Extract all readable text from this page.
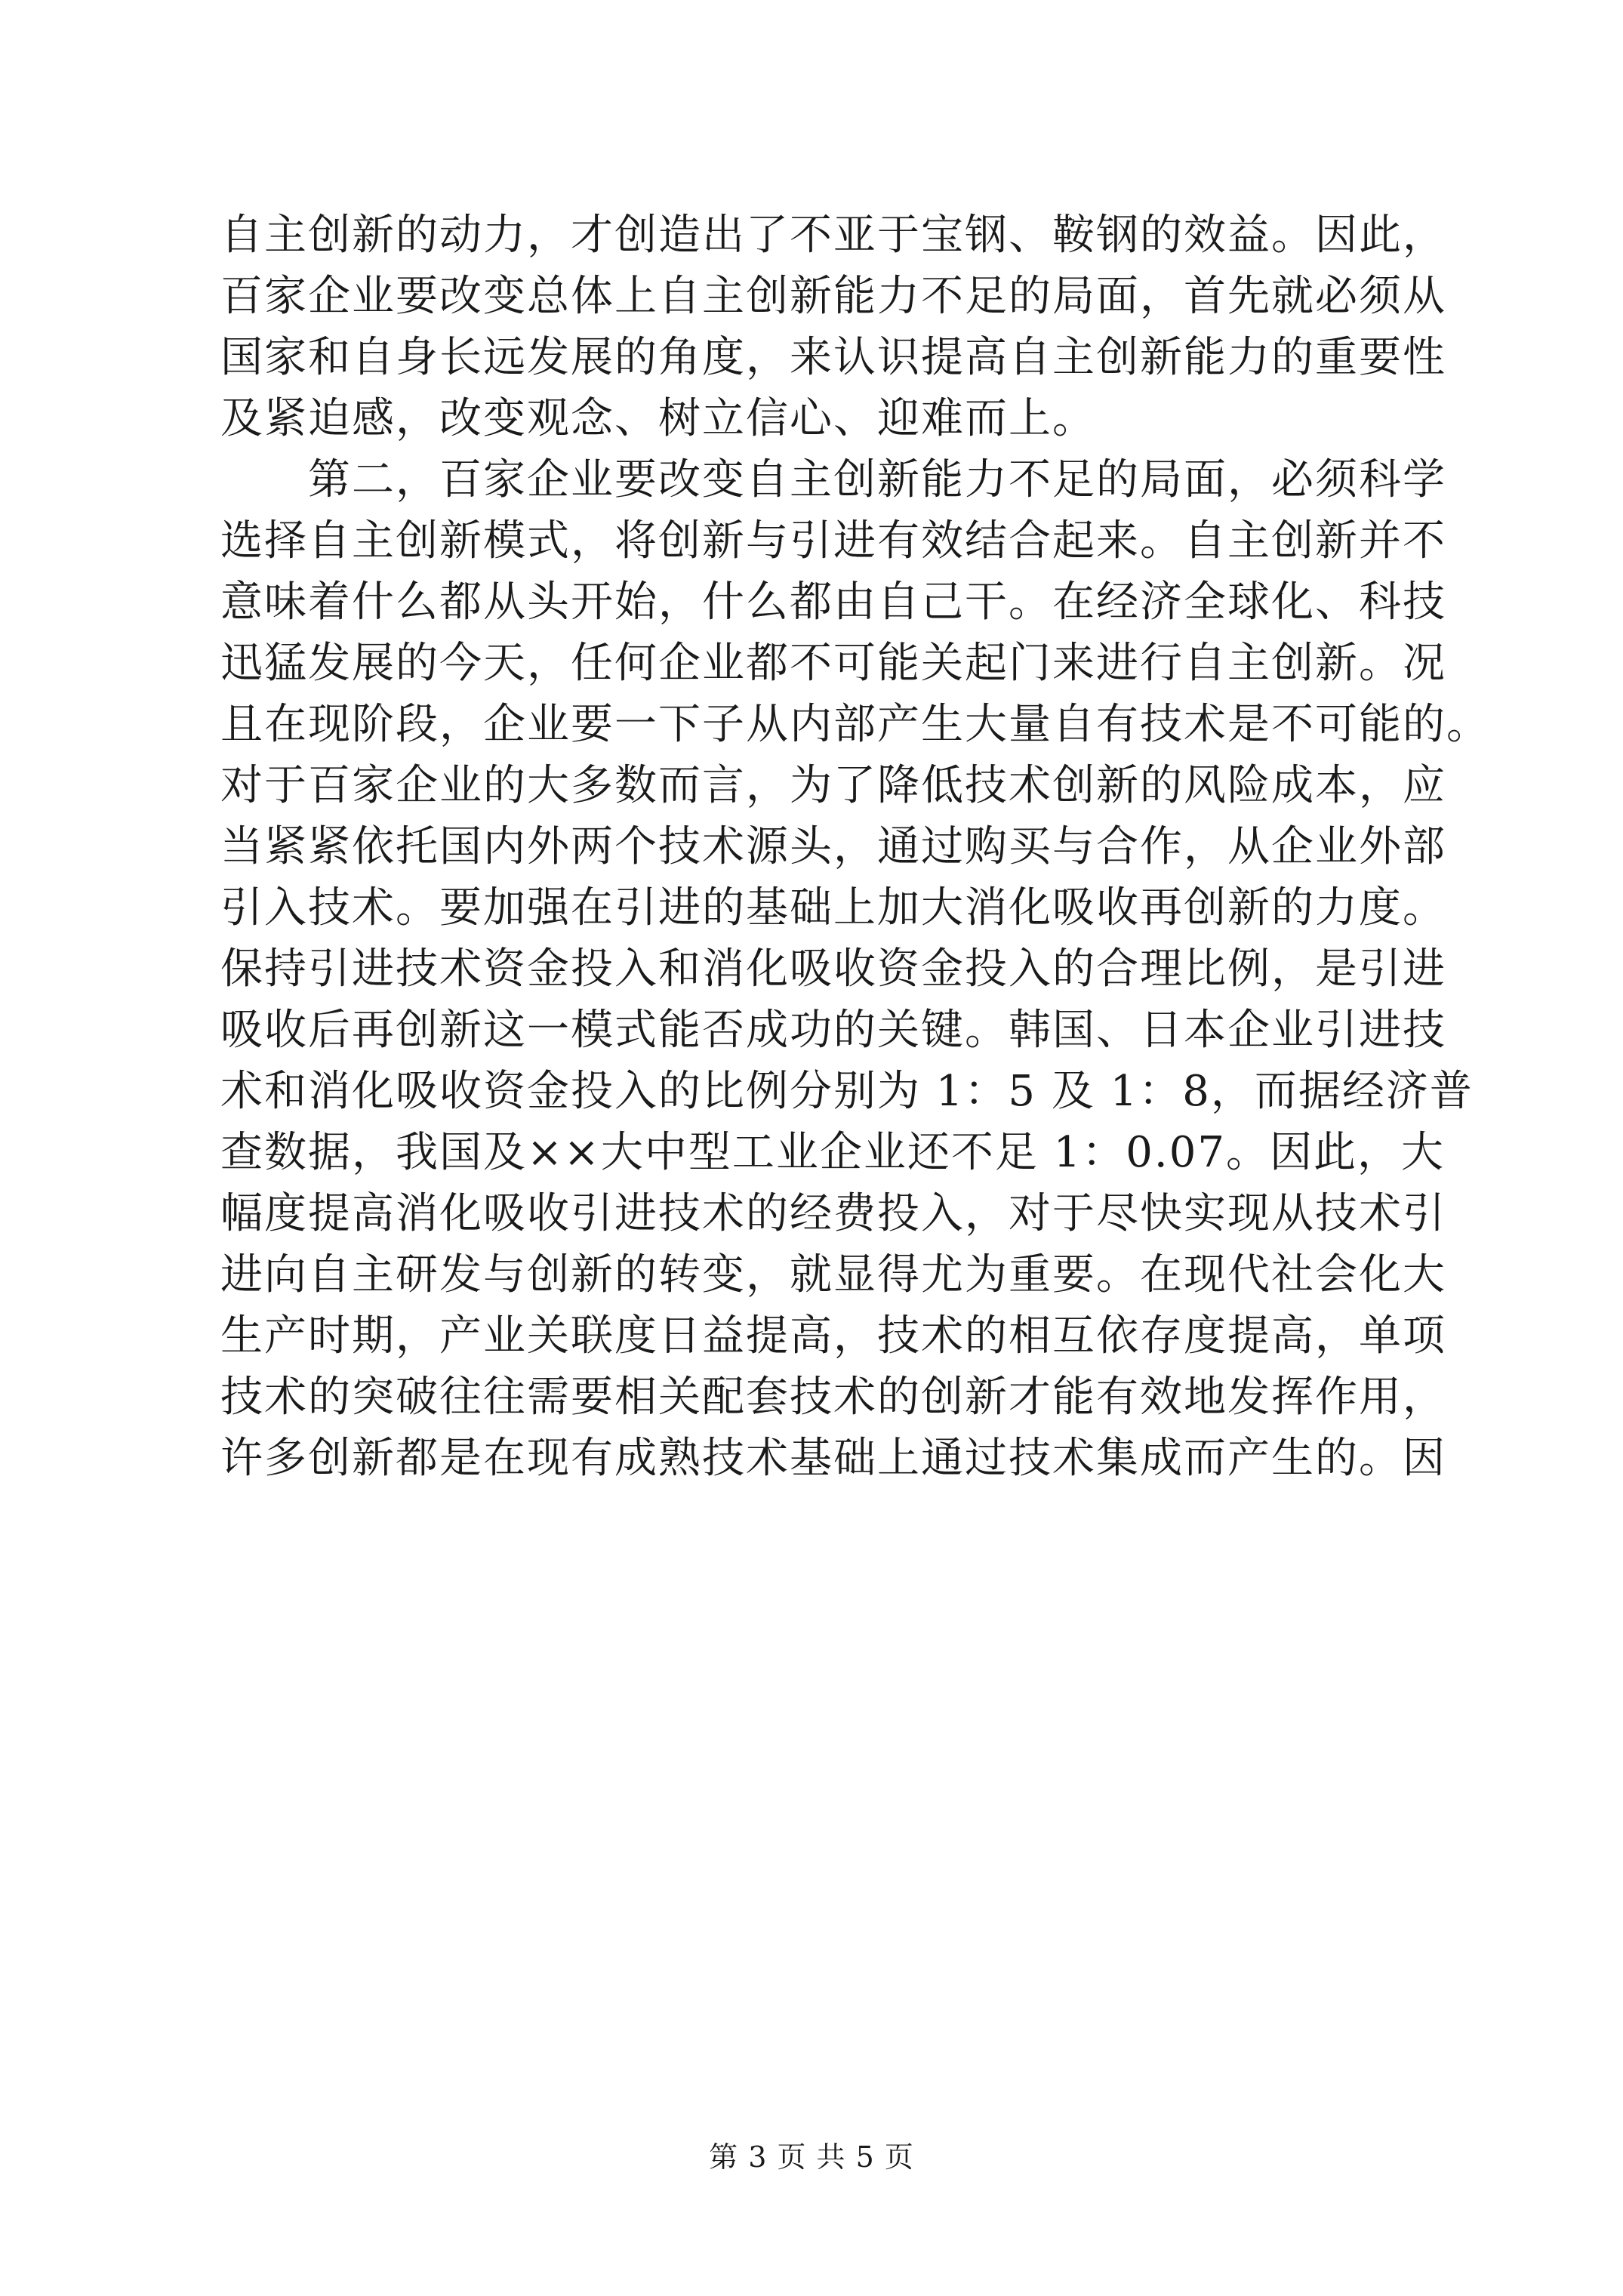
自主创新的动力，才创造出了不亚于宝钢、鞍钢的效益。因此，
百家企业要改变总体上自主创新能力不足的局面，首先就必须从
国家和自身长远发展的角度，来认识提高自主创新能力的重要性
及紧迫感，改变观念、树立信心、迎难而上。
　　第二，百家企业要改变自主创新能力不足的局面，必须科学
选择自主创新模式，将创新与引进有效结合起来。自主创新并不
意味着什么都从头开始，什么都由自己干。在经济全球化、科技
迅猛发展的今天，任何企业都不可能关起门来进行自主创新。况
且在现阶段，企业要一下子从内部产生大量自有技术是不可能的。
对于百家企业的大多数而言，为了降低技术创新的风险成本，应
当紧紧依托国内外两个技术源头，通过购买与合作，从企业外部
引入技术。要加强在引进的基础上加大消化吸收再创新的力度。
保持引进技术资金投入和消化吸收资金投入的合理比例，是引进
吸收后再创新这一模式能否成功的关键。韩国、日本企业引进技
术和消化吸收资金投入的比例分别为 1：5 及 1：8，而据经济普
查数据，我国及××大中型工业企业还不足 1：0.07。因此，大
幅度提高消化吸收引进技术的经费投入，对于尽快实现从技术引
进向自主研发与创新的转变，就显得尤为重要。在现代社会化大
生产时期，产业关联度日益提高，技术的相互依存度提高，单项
技术的突破往往需要相关配套技术的创新才能有效地发挥作用，
许多创新都是在现有成熟技术基础上通过技术集成而产生的。因
第 3 页 共 5 页
